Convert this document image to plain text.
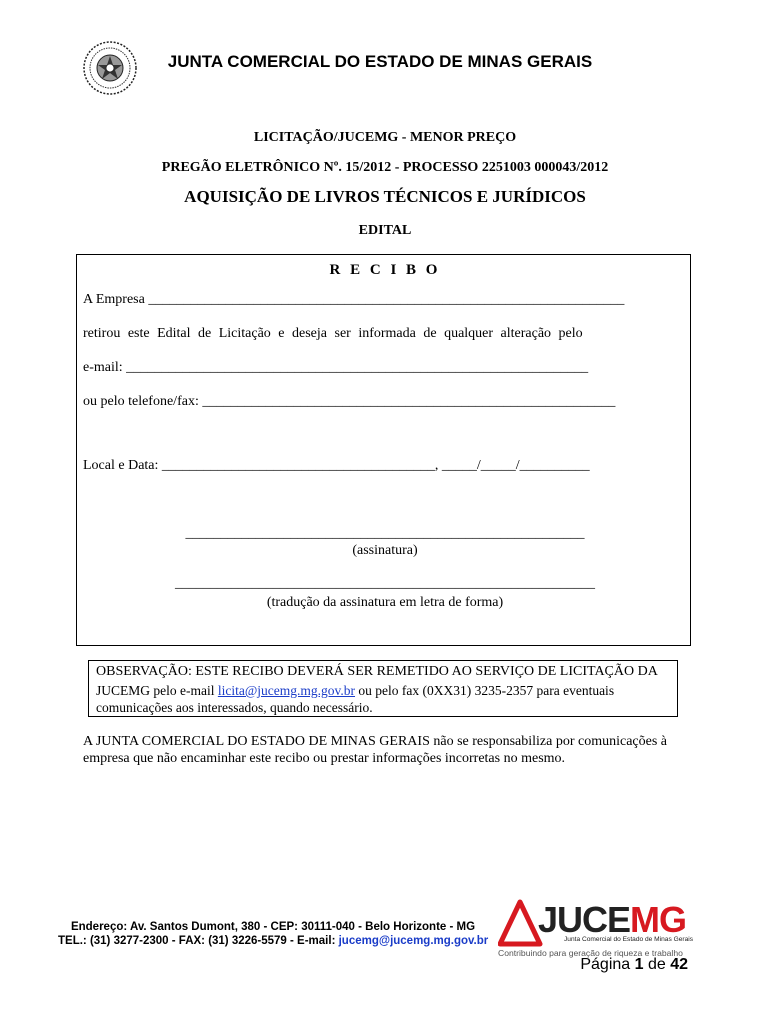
JUNTA COMERCIAL DO ESTADO DE MINAS GERAIS
LICITAÇÃO/JUCEMG - MENOR PREÇO
PREGÃO ELETRÔNICO Nº. 15/2012 - PROCESSO 2251003 000043/2012
AQUISIÇÃO DE LIVROS TÉCNICOS E JURÍDICOS
EDITAL
R E C I B O
A Empresa ____________________________________________________________________
retirou este Edital de Licitação e deseja ser informada de qualquer alteração pelo
e-mail: __________________________________________________________________
ou pelo telefone/fax: ___________________________________________________________
Local e Data: _______________________________________, _____/_____/__________
_________________________________________________________
(assinatura)
____________________________________________________________
(tradução da assinatura em letra de forma)
OBSERVAÇÃO: ESTE RECIBO DEVERÁ SER REMETIDO AO SERVIÇO DE LICITAÇÃO DA
JUCEMG pelo e-mail licita@jucemg.mg.gov.br ou pelo fax (0XX31) 3235-2357 para eventuais
comunicações aos interessados, quando necessário.
A JUNTA COMERCIAL DO ESTADO DE MINAS GERAIS não se responsabiliza por comunicações à
empresa que não encaminhar este recibo ou prestar informações incorretas no mesmo.
Endereço: Av. Santos Dumont, 380 - CEP: 30111-040 - Belo Horizonte - MG
TEL.: (31) 3277-2300 - FAX: (31) 3226-5579 - E-mail: jucemg@jucemg.mg.gov.br
JUCEMG
Junta Comercial do Estado de Minas Gerais
Contribuindo para geração de riqueza e trabalho
Página 1 de 42
